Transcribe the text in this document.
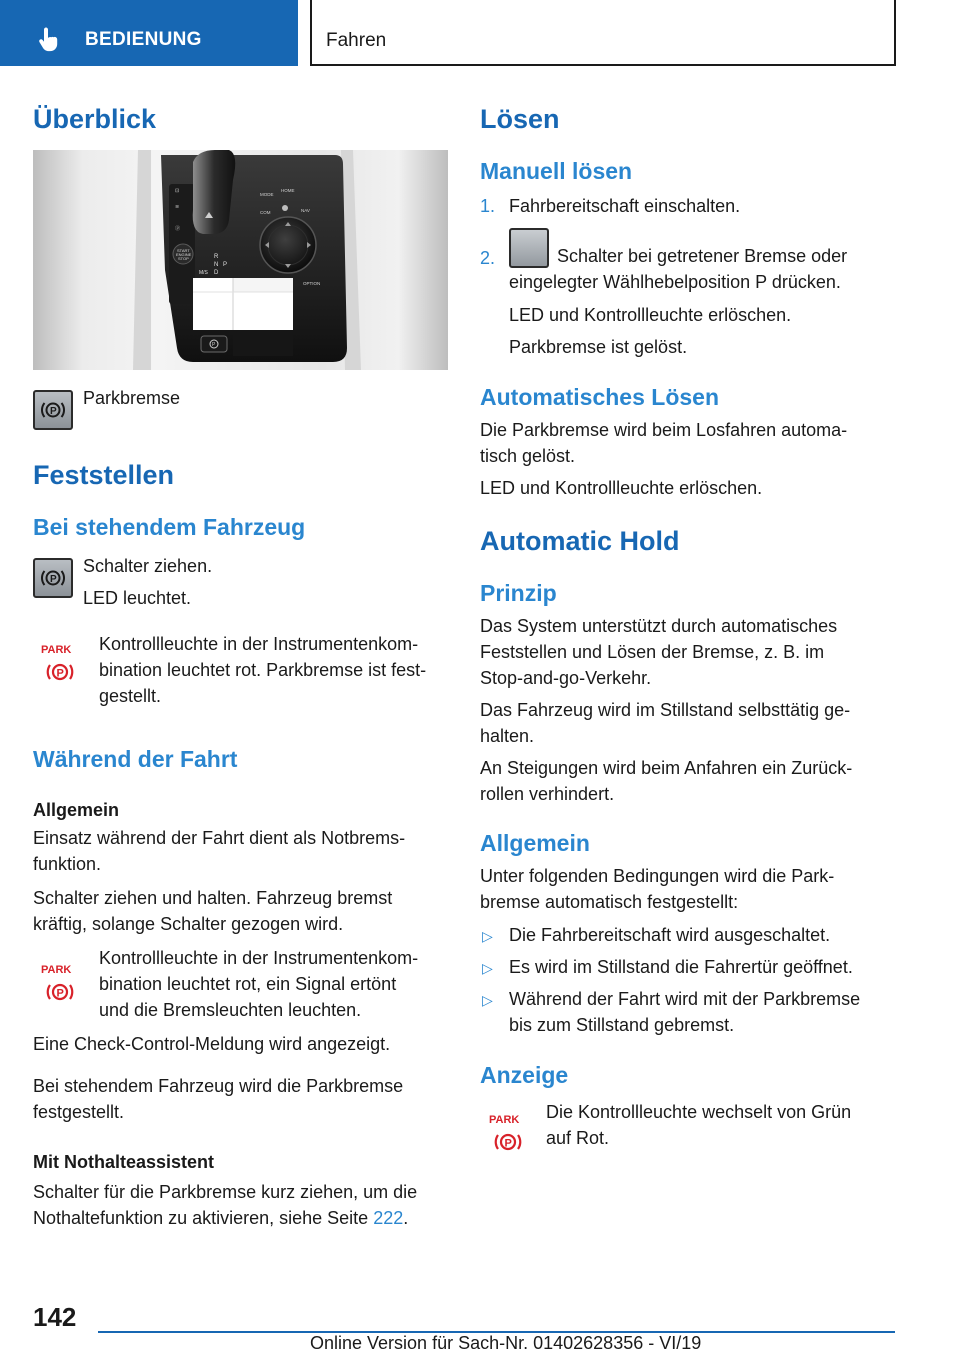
BEDIENUNG	Fahren
Überblick
⊡
≋
ⓟ
START
ENGINE
STOP	R
N
D
M/S
P
MODE
HOME
COM	NAV
OPTION
P
P
Parkbremse
Feststellen
Bei stehendem Fahrzeug
P
Schalter ziehen.
LED leuchtet.
PARK
P
Kontrollleuchte in der Instrumentenkom-
bination leuchtet rot. Parkbremse ist fest-
gestellt.
Während der Fahrt
Allgemein
Einsatz während der Fahrt dient als Notbrems-
funktion.
Schalter ziehen und halten. Fahrzeug bremst
kräftig, solange Schalter gezogen wird.
PARK
P
Kontrollleuchte in der Instrumentenkom-
bination leuchtet rot, ein Signal ertönt
und die Bremsleuchten leuchten.
Eine Check-Control-Meldung wird angezeigt.
Bei stehendem Fahrzeug wird die Parkbremse
festgestellt.
Mit Nothalteassistent
Schalter für die Parkbremse kurz ziehen, um die
Nothaltefunktion zu aktivieren, siehe Seite 222.
Lösen
Manuell lösen
1. Fahrbereitschaft einschalten.
2.	Schalter bei getretener Bremse oder
eingelegter Wählhebelposition P drücken.
LED und Kontrollleuchte erlöschen.
Parkbremse ist gelöst.
Automatisches Lösen
Die Parkbremse wird beim Losfahren automa-
tisch gelöst.
LED und Kontrollleuchte erlöschen.
Automatic Hold
Prinzip
Das System unterstützt durch automatisches
Feststellen und Lösen der Bremse, z. B. im
Stop-and-go-Verkehr.
Das Fahrzeug wird im Stillstand selbsttätig ge-
halten.
An Steigungen wird beim Anfahren ein Zurück-
rollen verhindert.
Allgemein
Unter folgenden Bedingungen wird die Park-
bremse automatisch festgestellt:
▷ Die Fahrbereitschaft wird ausgeschaltet.
▷ Es wird im Stillstand die Fahrertür geöffnet.
▷ Während der Fahrt wird mit der Parkbremse
bis zum Stillstand gebremst.
Anzeige
PARK
P
Die Kontrollleuchte wechselt von Grün
auf Rot.
142
Online Version für Sach-Nr. 01402628356 - VI/19
